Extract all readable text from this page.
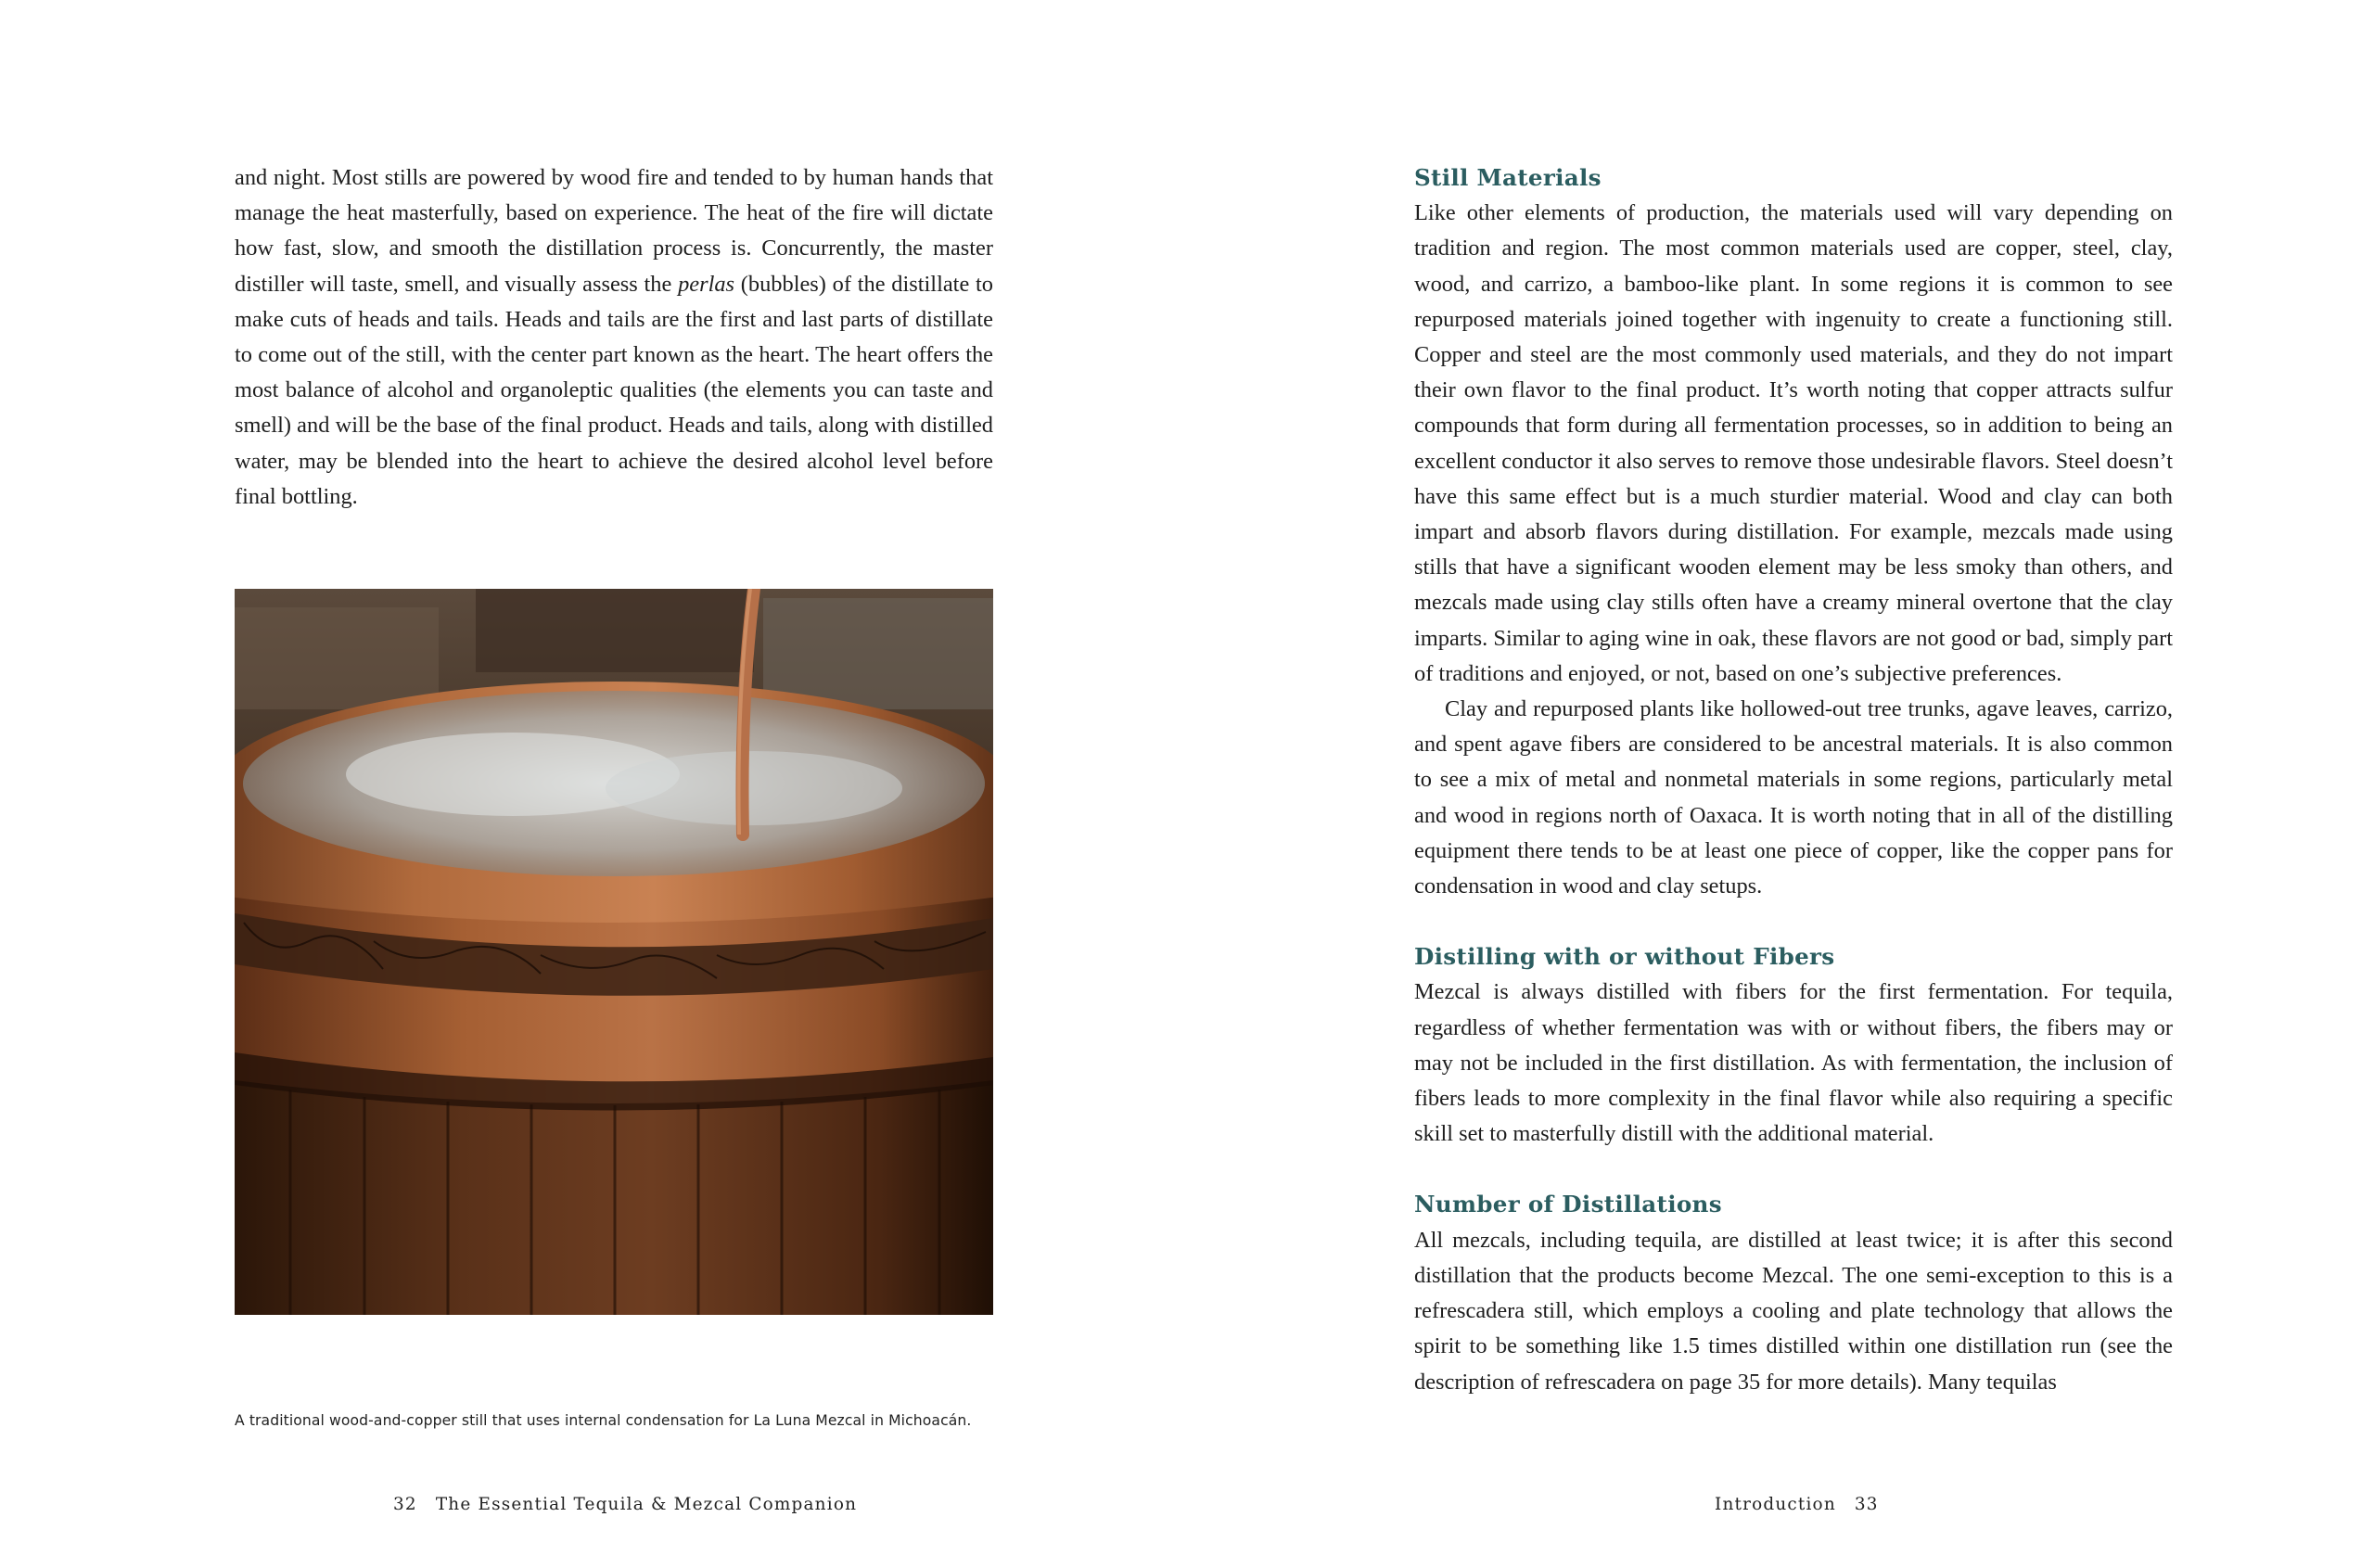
and night. Most stills are powered by wood fire and tended to by human hands that manage the heat masterfully, based on experience. The heat of the fire will dictate how fast, slow, and smooth the distillation process is. Concurrently, the master distiller will taste, smell, and visually assess the perlas (bubbles) of the distillate to make cuts of heads and tails. Heads and tails are the first and last parts of distillate to come out of the still, with the center part known as the heart. The heart offers the most balance of alcohol and organoleptic qualities (the elements you can taste and smell) and will be the base of the final product. Heads and tails, along with distilled water, may be blended into the heart to achieve the desired alcohol level before final bottling.

A traditional wood-and-copper still that uses internal condensation for La Luna Mezcal in Michoacán.
32 The Essential Tequila & Mezcal Companion
Still Materials

Like other elements of production, the materials used will vary depending on tradition and region. The most common materials used are copper, steel, clay, wood, and carrizo, a bamboo-like plant. In some regions it is common to see repurposed materials joined together with ingenuity to create a functioning still. Copper and steel are the most commonly used materials, and they do not impart their own flavor to the final product. It’s worth noting that copper attracts sulfur compounds that form during all fermentation processes, so in addition to being an excellent conductor it also serves to remove those undesirable flavors. Steel doesn’t have this same effect but is a much sturdier material. Wood and clay can both impart and absorb flavors during distillation. For example, mezcals made using stills that have a significant wooden element may be less smoky than others, and mezcals made using clay stills often have a creamy mineral overtone that the clay imparts. Similar to aging wine in oak, these flavors are not good or bad, simply part of traditions and enjoyed, or not, based on one’s subjective preferences.

Clay and repurposed plants like hollowed-out tree trunks, agave leaves, carrizo, and spent agave fibers are considered to be ancestral materials. It is also common to see a mix of metal and nonmetal materials in some regions, particularly metal and wood in regions north of Oaxaca. It is worth noting that in all of the distilling equipment there tends to be at least one piece of copper, like the copper pans for condensation in wood and clay setups.

Distilling with or without Fibers

Mezcal is always distilled with fibers for the first fermentation. For tequila, regardless of whether fermentation was with or without fibers, the fibers may or may not be included in the first distillation. As with fermentation, the inclusion of fibers leads to more complexity in the final flavor while also requiring a specific skill set to masterfully distill with the additional material.

Number of Distillations

All mezcals, including tequila, are distilled at least twice; it is after this second distillation that the products become Mezcal. The one semi-exception to this is a refrescadera still, which employs a cooling and plate technology that allows the spirit to be something like 1.5 times distilled within one distillation run (see the description of refrescadera on page 35 for more details). Many tequilas

Introduction 33
